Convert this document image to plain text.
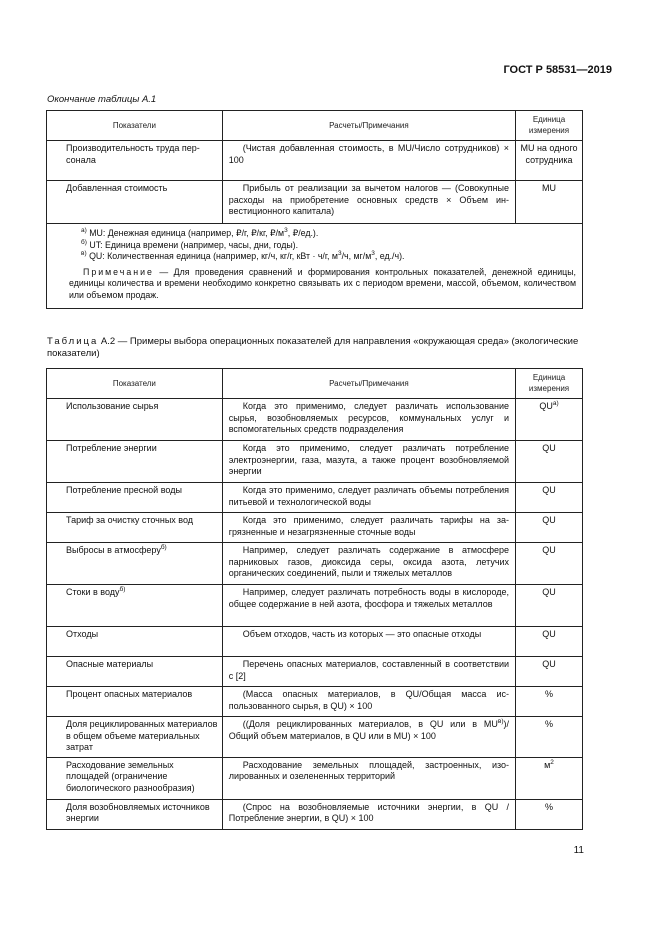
ГОСТ Р 58531—2019
Окончание таблицы А.1
Показатели	Расчеты/Примечания	Единица измерения
Производительность труда персонала	(Чистая добавленная стоимость, в MU/Число сотрудников) × 100	MU на одного сотрудника
Добавленная стоимость	Прибыль от реализации за вычетом налогов — (Совокупные расходы на приобретение основных средств × Объем инвестиционного капитала)	MU

$^{а)}$ MU: Денежная единица (например, ₽/г, ₽/кг, $₽/м^3$, ₽/ед.).
$^{б)}$ UT: Единица времени (например, часы, дни, годы).
$^{в)}$ QU: Количественная единица (например, кг/ч, кг/г, кВт · ч/г, $м^3/ч$, $мг/м^3$, ед./ч).
Примечание — Для проведения сравнений и формирования контрольных показателей, денежной единицы, единицы количества и времени необходимо конкретно связывать их с периодом времени, массой, объемом, количеством или объемом продаж.		
Таблица А.2 — Примеры выбора операционных показателей для направления «окружающая среда» (экологические показатели)
Показатели	Расчеты/Примечания	Единица измерения
Использование сырья	Когда это применимо, следует различать использование сырья, возобновляемых ресурсов, коммунальных услуг и вспомогательных средств подразделения	$QU^{а)}$
Потребление энергии	Когда это применимо, следует различать потребление электроэнергии, газа, мазута, а также процент возобновляемой энергии	QU
Потребление пресной воды	Когда это применимо, следует различать объемы потребления питьевой и технологической воды	QU
Тариф за очистку сточных вод	Когда это применимо, следует различать тарифы на загрязненные и незагрязненные сточные воды	QU
Выбросы в атмосферу$^{б)}$	Например, следует различать содержание в атмосфере парниковых газов, диоксида серы, оксида азота, летучих органических соединений, пыли и тяжелых металлов	QU
Стоки в воду$^{б)}$	Например, следует различать потребность воды в кислороде, общее содержание в ней азота, фосфора и тяжелых металлов	QU
Отходы	Объем отходов, часть из которых — это опасные отходы	QU
Опасные материалы	Перечень опасных материалов, составленный в соответствии с [2]	QU
Процент опасных материалов	(Масса опасных материалов, в QU/Общая масса использованного сырья, в QU) × 100	%
Доля рециклированных материалов в общем объеме материальных затрат	((Доля рециклированных материалов, в QU или в $MU^{в)})/$ Общий объем материалов, в QU или в MU) × 100	%
Расходование земельных площадей (ограничение биологического разнообразия)	Расходование земельных площадей, застроенных, изолированных и озелененных территорий	$м^2$
Доля возобновляемых источников энергии	(Спрос на возобновляемые источники энергии, в QU / Потребление энергии, в QU) × 100	%
11
